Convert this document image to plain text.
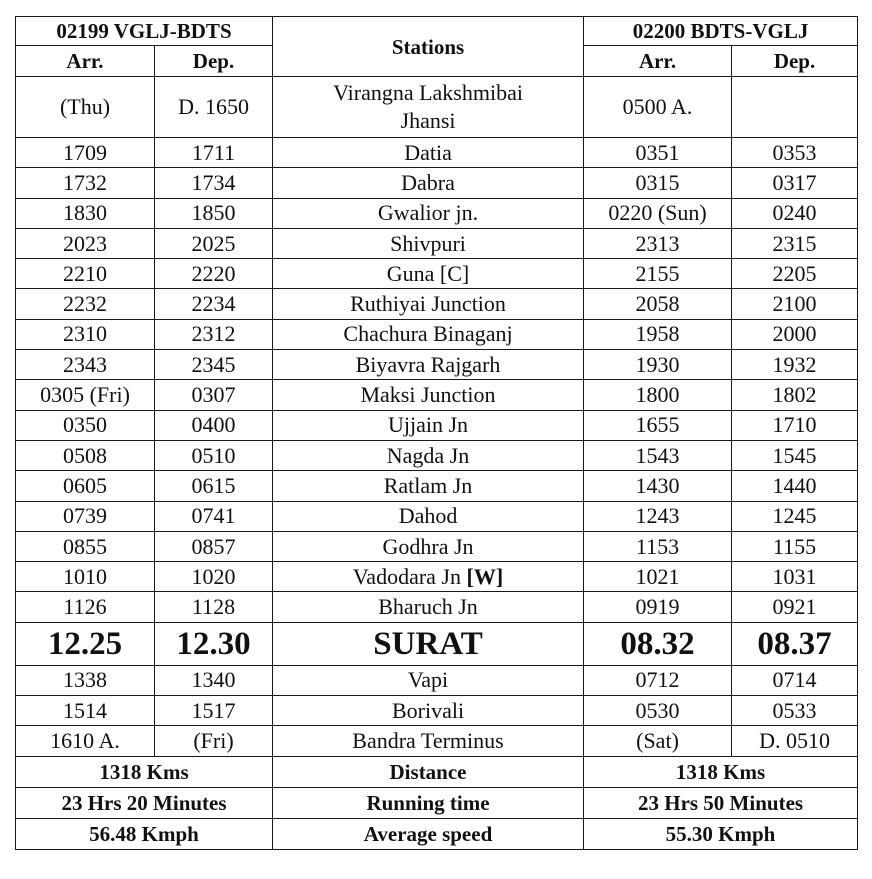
02199 VGLJ-BDTS		Stations	02200 BDTS-VGLJ	
Arr.	Dep.		Arr.	Dep.
(Thu)	D. 1650	Virangna Lakshmibai Jhansi	0500 A.	
1709	1711	Datia	0351	0353
1732	1734	Dabra	0315	0317
1830	1850	Gwalior jn.	0220 (Sun)	0240
2023	2025	Shivpuri	2313	2315
2210	2220	Guna [C]	2155	2205
2232	2234	Ruthiyai Junction	2058	2100
2310	2312	Chachura Binaganj	1958	2000
2343	2345	Biyavra Rajgarh	1930	1932
0305 (Fri)	0307	Maksi Junction	1800	1802
0350	0400	Ujjain Jn	1655	1710
0508	0510	Nagda Jn	1543	1545
0605	0615	Ratlam Jn	1430	1440
0739	0741	Dahod	1243	1245
0855	0857	Godhra Jn	1153	1155
1010	1020	Vadodara Jn [W]	1021	1031
1126	1128	Bharuch Jn	0919	0921
12.25	12.30	SURAT	08.32	08.37
1338	1340	Vapi	0712	0714
1514	1517	Borivali	0530	0533
1610 A.	(Fri)	Bandra Terminus	(Sat)	D. 0510
1318 Kms		Distance	1318 Kms	
23 Hrs 20 Minutes		Running time	23 Hrs 50 Minutes	
56.48 Kmph		Average speed	55.30 Kmph	
